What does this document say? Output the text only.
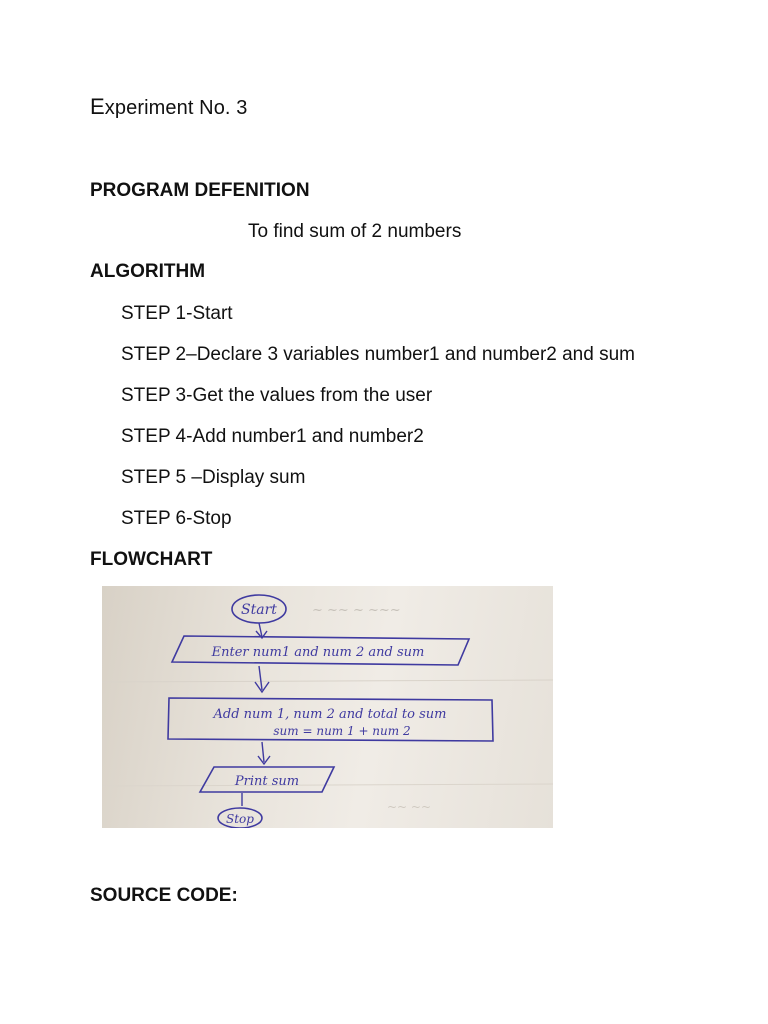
Experiment No. 3
PROGRAM DEFENITION
To find sum of 2 numbers
ALGORITHM
STEP 1-Start
STEP 2–Declare 3 variables number1 and number2 and sum
STEP 3-Get the values from the user
STEP 4-Add number1 and number2
STEP 5 –Display sum
STEP 6-Stop
FLOWCHART
~ ~~ ~ ~~~
~~ ~~
Start
Enter num1 and num 2 and sum
Add num 1, num 2 and total to sum
sum = num 1 + num 2
Print sum
Stop
SOURCE CODE:
